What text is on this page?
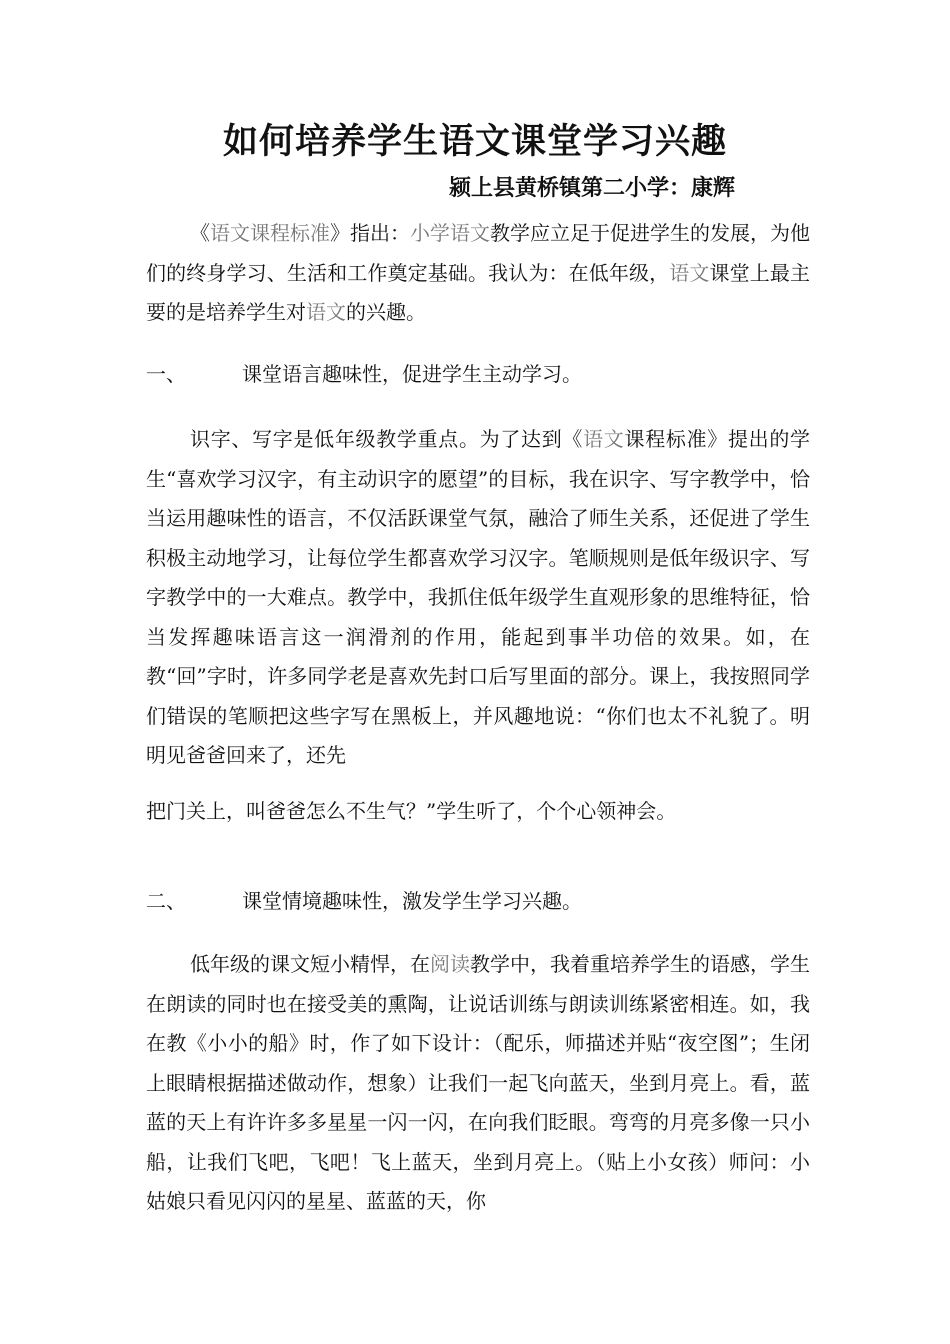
如何培养学生语文课堂学习兴趣
颍上县黄桥镇第二小学：康辉

《语文课程标准》指出：小学语文教学应立足于促进学生的发展，为他们的终身学习、生活和工作奠定基础。我认为：在低年级，语文课堂上最主要的是培养学生对语文的兴趣。

一、	课堂语言趣味性，促进学生主动学习。

识字、写字是低年级教学重点。为了达到《语文课程标准》提出的学生“喜欢学习汉字，有主动识字的愿望”的目标，我在识字、写字教学中，恰当运用趣味性的语言，不仅活跃课堂气氛，融洽了师生关系，还促进了学生积极主动地学习，让每位学生都喜欢学习汉字。笔顺规则是低年级识字、写字教学中的一大难点。教学中，我抓住低年级学生直观形象的思维特征，恰当发挥趣味语言这一润滑剂的作用，能起到事半功倍的效果。如，在教“回”字时，许多同学老是喜欢先封口后写里面的部分。课上，我按照同学们错误的笔顺把这些字写在黑板上，并风趣地说：“你们也太不礼貌了。明明见爸爸回来了，还先

把门关上，叫爸爸怎么不生气？”学生听了，个个心领神会。

二、	课堂情境趣味性，激发学生学习兴趣。

低年级的课文短小精悍，在阅读教学中，我着重培养学生的语感，学生在朗读的同时也在接受美的熏陶，让说话训练与朗读训练紧密相连。如，我在教《小小的船》时，作了如下设计：（配乐，师描述并贴“夜空图”；生闭上眼睛根据描述做动作，想象）让我们一起飞向蓝天，坐到月亮上。看，蓝蓝的天上有许许多多星星一闪一闪，在向我们眨眼。弯弯的月亮多像一只小船，让我们飞吧，飞吧！飞上蓝天，坐到月亮上。（贴上小女孩）师问：小姑娘只看见闪闪的星星、蓝蓝的天，你
